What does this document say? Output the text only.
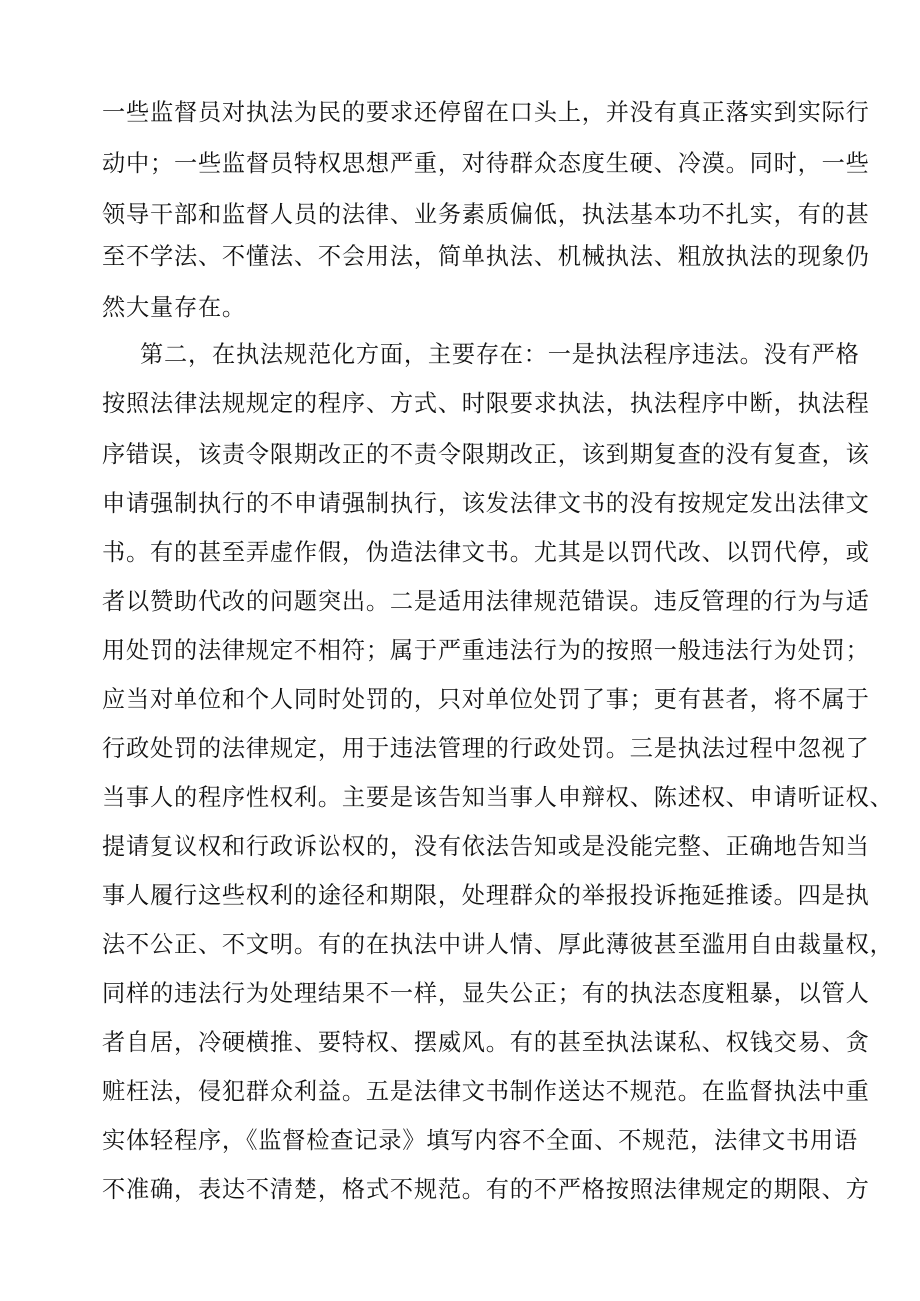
一些监督员对执法为民的要求还停留在口头上，并没有真正落实到实际行
动中；一些监督员特权思想严重，对待群众态度生硬、冷漠。同时，一些
领导干部和监督人员的法律、业务素质偏低，执法基本功不扎实，有的甚
至不学法、不懂法、不会用法，简单执法、机械执法、粗放执法的现象仍
然大量存在。
第二，在执法规范化方面，主要存在：一是执法程序违法。没有严格
按照法律法规规定的程序、方式、时限要求执法，执法程序中断，执法程
序错误，该责令限期改正的不责令限期改正，该到期复查的没有复查，该
申请强制执行的不申请强制执行，该发法律文书的没有按规定发出法律文
书。有的甚至弄虚作假，伪造法律文书。尤其是以罚代改、以罚代停，或
者以赞助代改的问题突出。二是适用法律规范错误。违反管理的行为与适
用处罚的法律规定不相符；属于严重违法行为的按照一般违法行为处罚；
应当对单位和个人同时处罚的，只对单位处罚了事；更有甚者，将不属于
行政处罚的法律规定，用于违法管理的行政处罚。三是执法过程中忽视了
当事人的程序性权利。主要是该告知当事人申辩权、陈述权、申请听证权、
提请复议权和行政诉讼权的，没有依法告知或是没能完整、正确地告知当
事人履行这些权利的途径和期限，处理群众的举报投诉拖延推诿。四是执
法不公正、不文明。有的在执法中讲人情、厚此薄彼甚至滥用自由裁量权，
同样的违法行为处理结果不一样，显失公正；有的执法态度粗暴，以管人
者自居，冷硬横推、要特权、摆威风。有的甚至执法谋私、权钱交易、贪
赃枉法，侵犯群众利益。五是法律文书制作送达不规范。在监督执法中重
实体轻程序，《监督检查记录》填写内容不全面、不规范，法律文书用语
不准确，表达不清楚，格式不规范。有的不严格按照法律规定的期限、方
